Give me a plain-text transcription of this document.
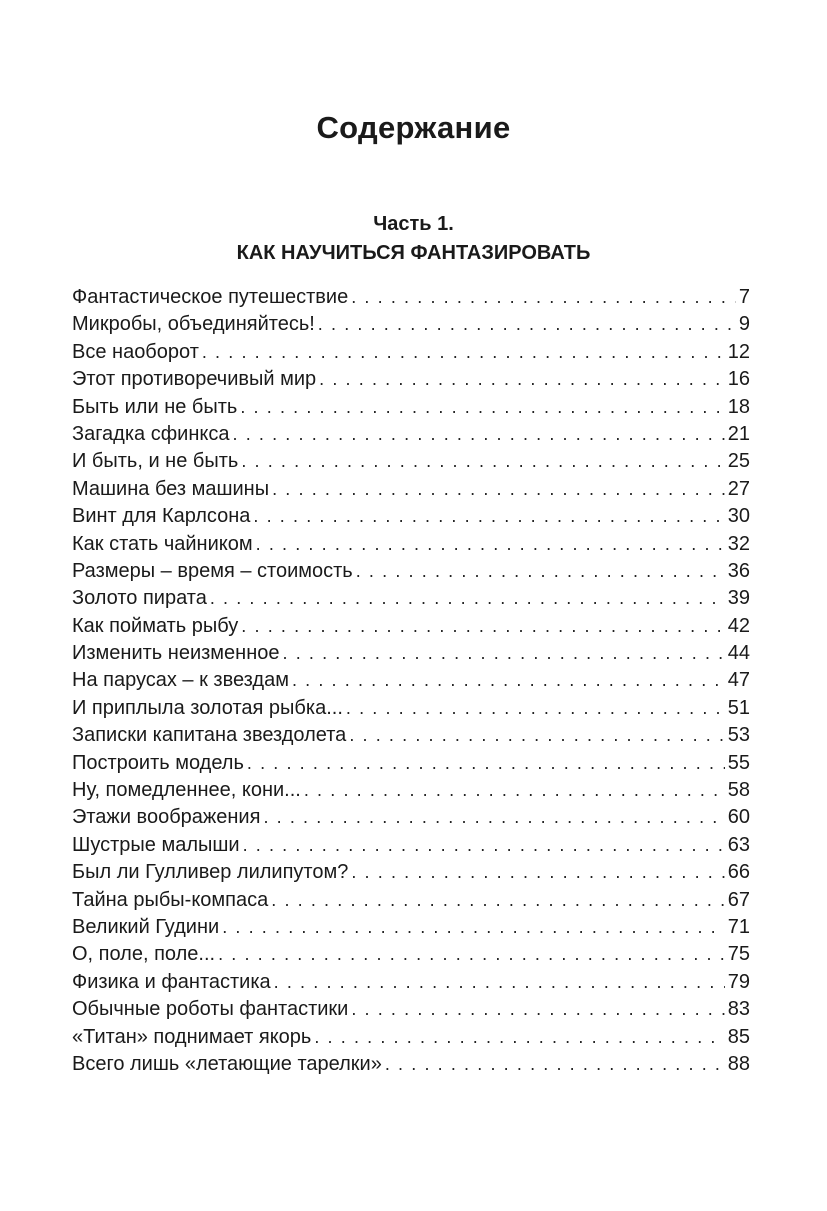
Содержание
Часть 1.
КАК НАУЧИТЬСЯ ФАНТАЗИРОВАТЬ
Фантастическое путешествие . . .	7
Микробы, объединяйтесь! . . .	9
Все наоборот . . .	12
Этот противоречивый мир . . .	16
Быть или не быть . . .	18
Загадка сфинкса . . .	21
И быть, и не быть . . .	25
Машина без машины . . .	27
Винт для Карлсона . . .	30
Как стать чайником . . .	32
Размеры – время – стоимость . . .	36
Золото пирата . . .	39
Как поймать рыбу . . .	42
Изменить неизменное . . .	44
На парусах – к звездам . . .	47
И приплыла золотая рыбка... . . .	51
Записки капитана звездолета . . .	53
Построить модель . . .	55
Ну, помедленнее, кони... . . .	58
Этажи воображения . . .	60
Шустрые малыши . . .	63
Был ли Гулливер лилипутом? . . .	66
Тайна рыбы-компаса . . .	67
Великий Гудини . . .	71
О, поле, поле... . . .	75
Физика и фантастика . . .	79
Обычные роботы фантастики . . .	83
«Титан» поднимает якорь . . .	85
Всего лишь «летающие тарелки» . . .	88
